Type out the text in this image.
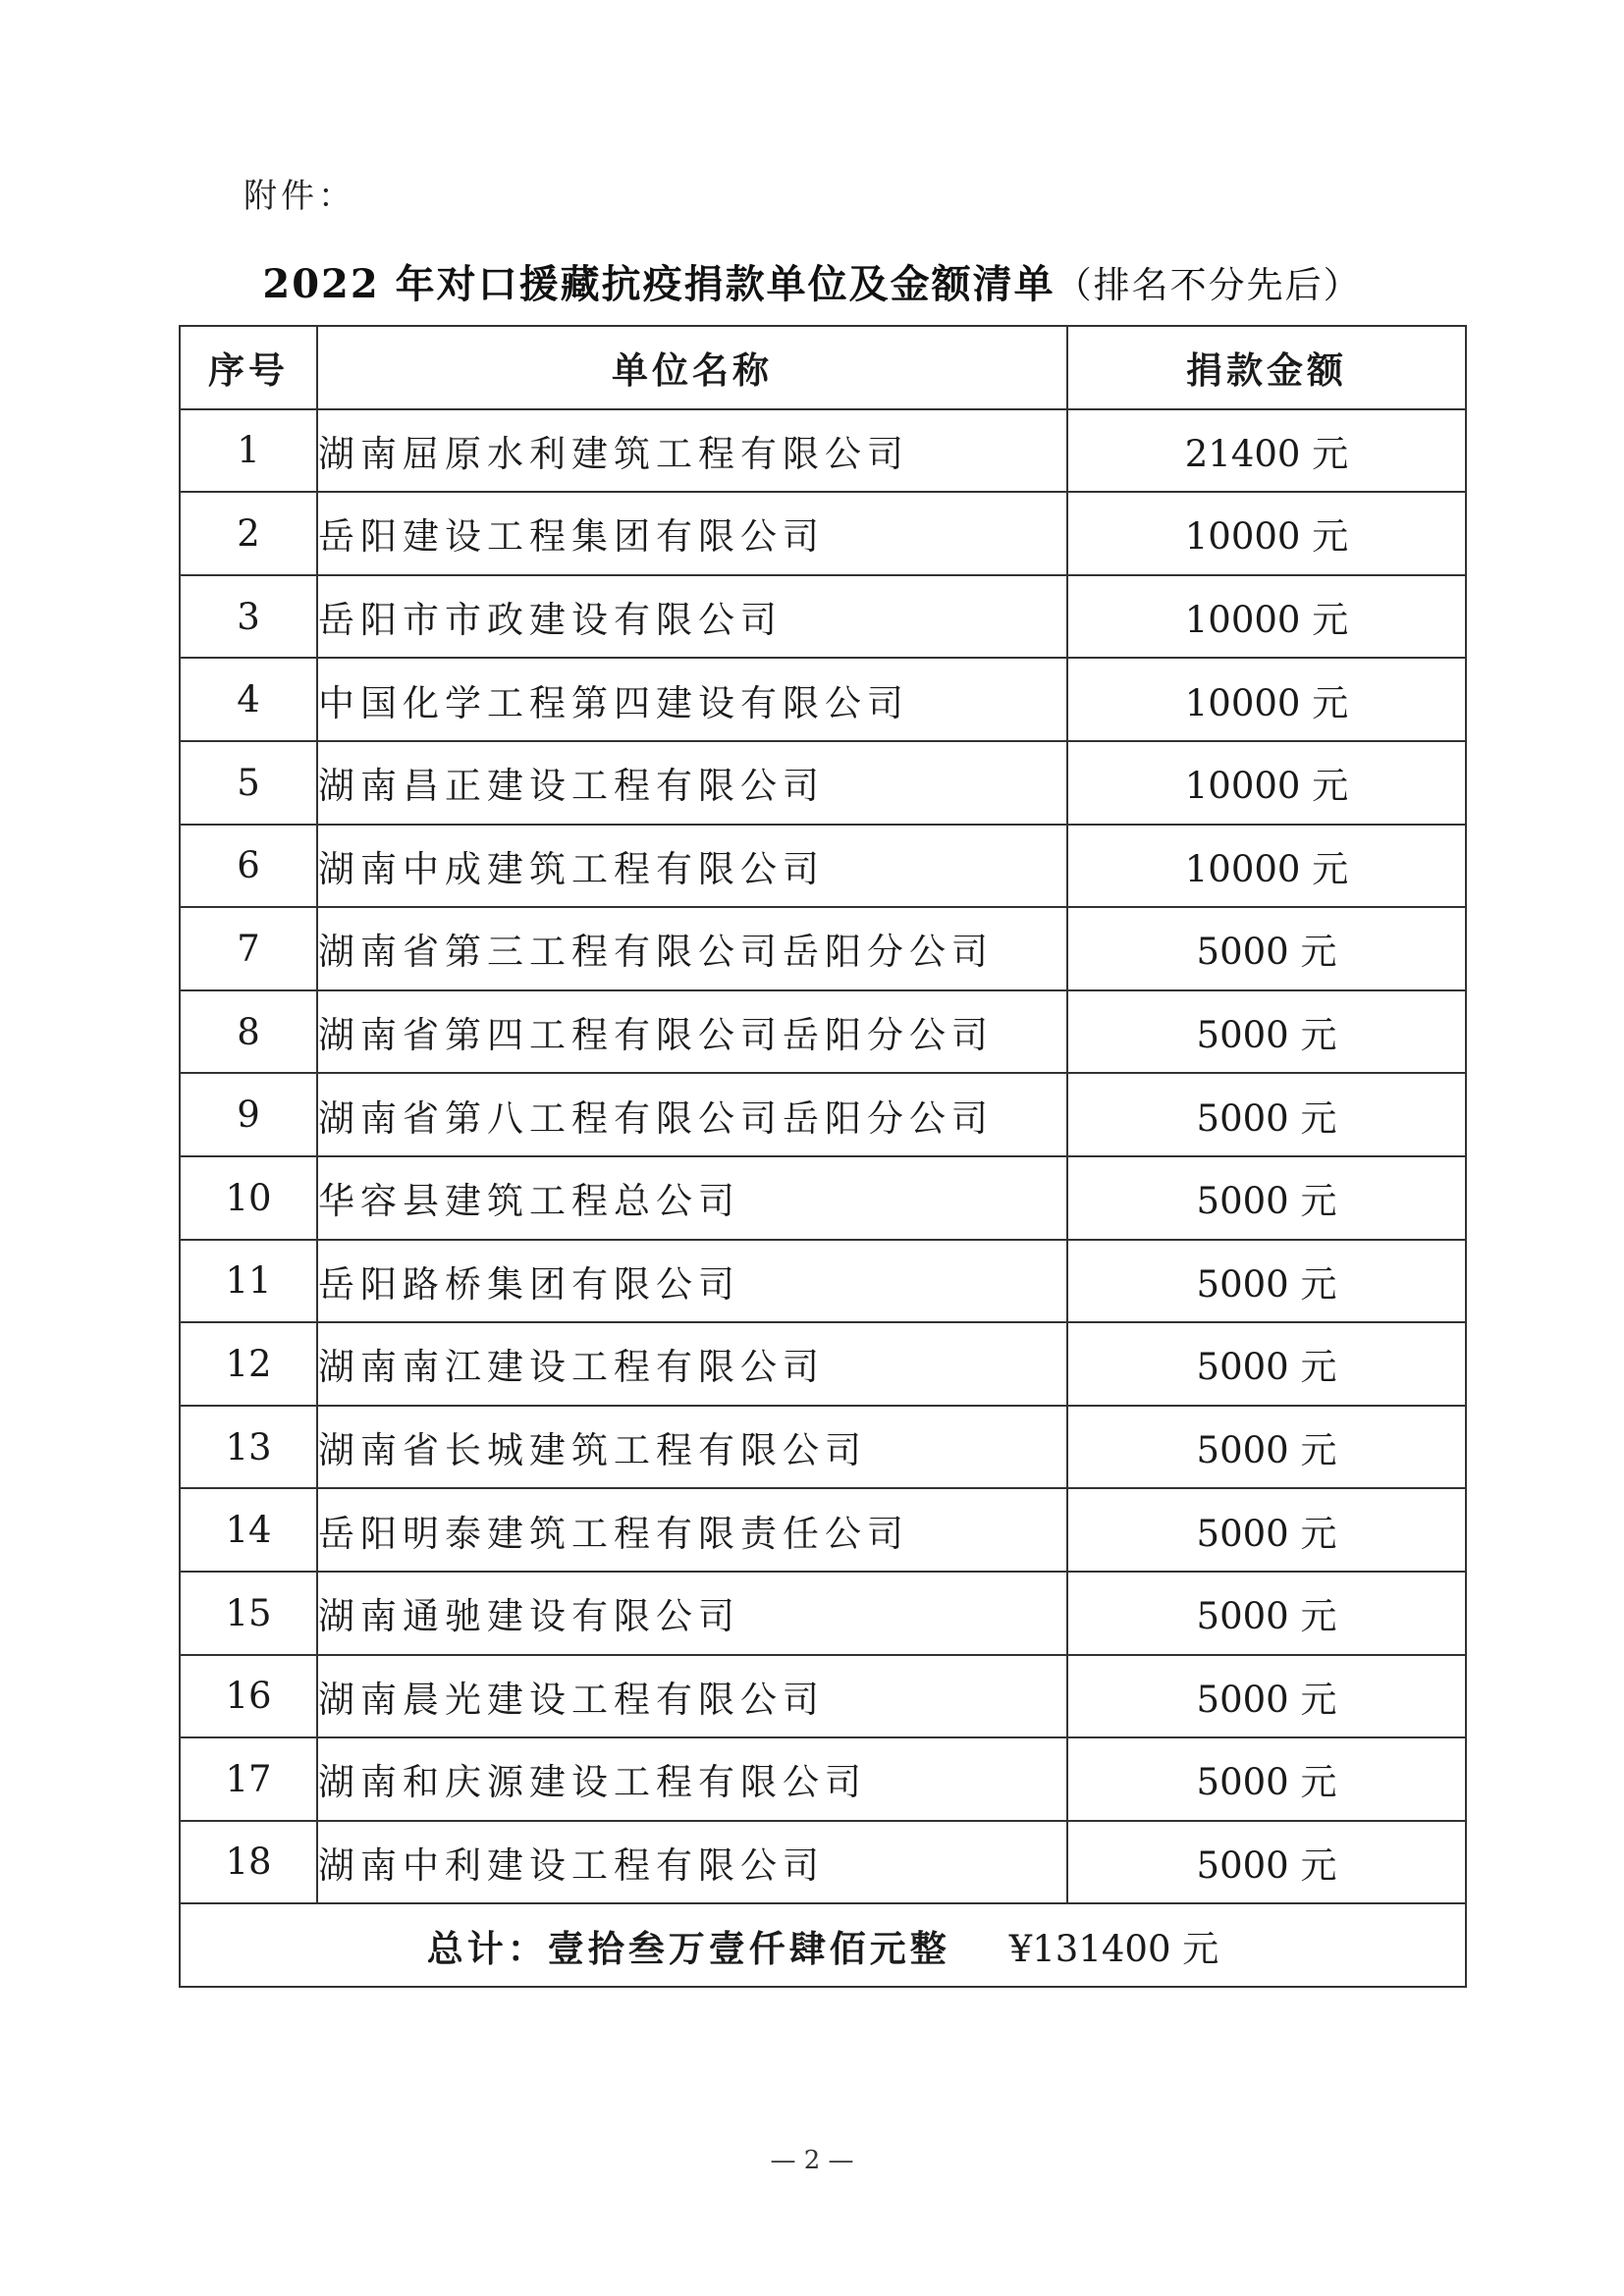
附件：
2022 年对口援藏抗疫捐款单位及金额清单（排名不分先后）
序号	单位名称	捐款金额
1	湖南屈原水利建筑工程有限公司	21400 元
2	岳阳建设工程集团有限公司	10000 元
3	岳阳市市政建设有限公司	10000 元
4	中国化学工程第四建设有限公司	10000 元
5	湖南昌正建设工程有限公司	10000 元
6	湖南中成建筑工程有限公司	10000 元
7	湖南省第三工程有限公司岳阳分公司	5000 元
8	湖南省第四工程有限公司岳阳分公司	5000 元
9	湖南省第八工程有限公司岳阳分公司	5000 元
10	华容县建筑工程总公司	5000 元
11	岳阳路桥集团有限公司	5000 元
12	湖南南江建设工程有限公司	5000 元
13	湖南省长城建筑工程有限公司	5000 元
14	岳阳明泰建筑工程有限责任公司	5000 元
15	湖南通驰建设有限公司	5000 元
16	湖南晨光建设工程有限公司	5000 元
17	湖南和庆源建设工程有限公司	5000 元
18	湖南中利建设工程有限公司	5000 元
总计：壹拾叁万壹仟肆佰元整 ¥131400 元		
— 2 —
